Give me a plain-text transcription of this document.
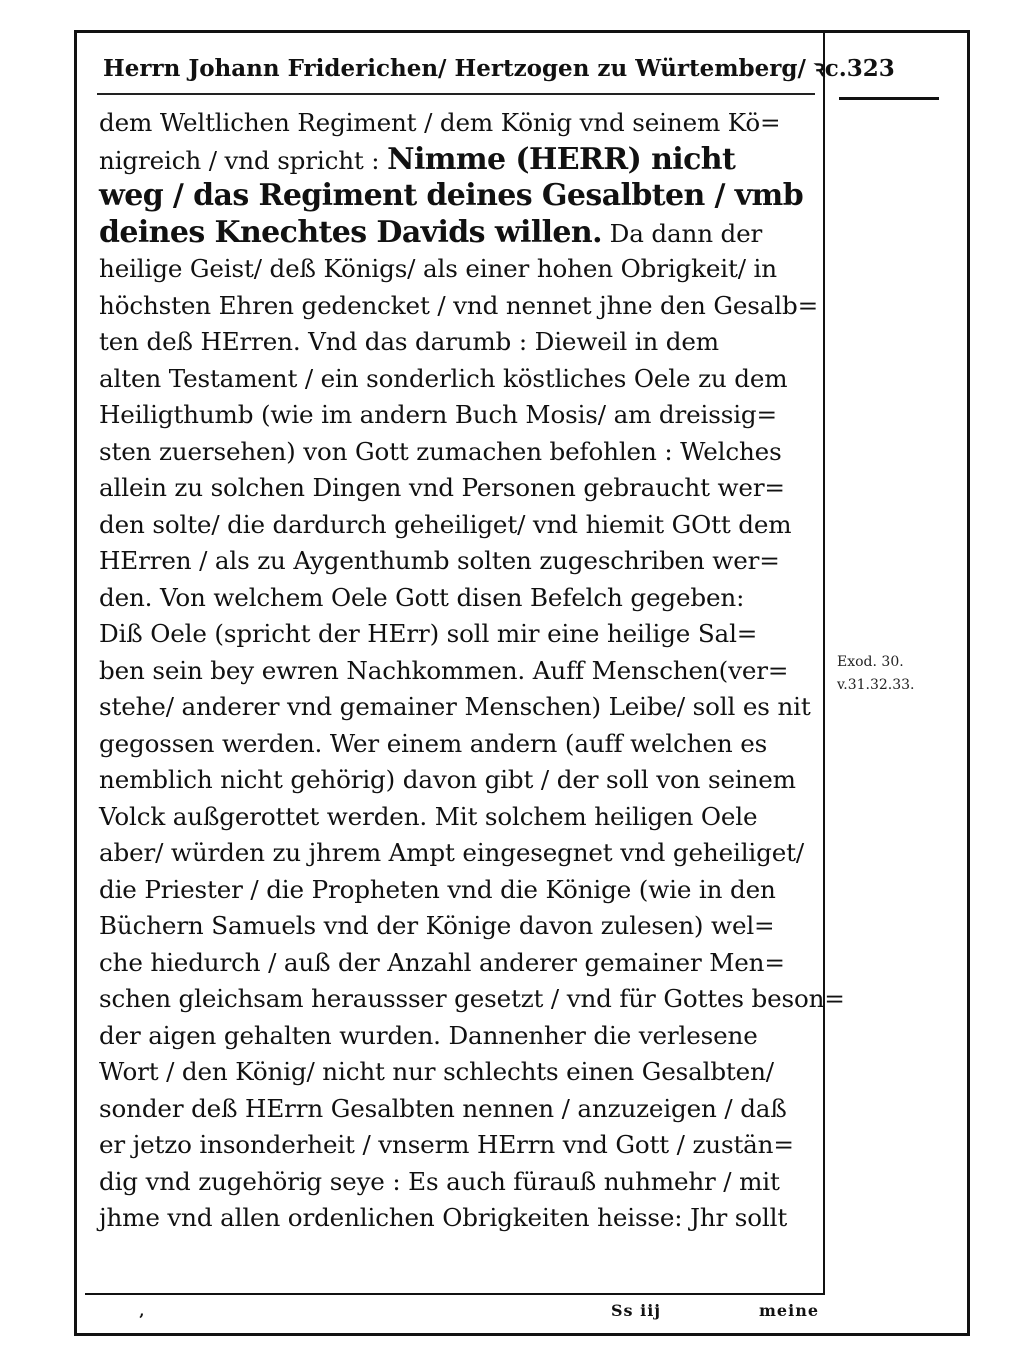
Herrn Johann Friderichen/ Hertzogen zu Würtemberg/ ꝛc. 323
dem Weltlichen Regiment / dem König vnd seinem Kö=
nigreich / vnd spricht : Nimme (HERR) nicht
weg / das Regiment deines Gesalbten / vmb
deines Knechtes Davids willen. Da dann der
heilige Geist/ deß Königs/ als einer hohen Obrigkeit/ in
höchsten Ehren gedencket / vnd nennet jhne den Gesalb=
ten deß HErren. Vnd das darumb : Dieweil in dem
alten Testament / ein sonderlich köstliches Oele zu dem
Heiligthumb (wie im andern Buch Mosis/ am dreissig=
sten zuersehen) von Gott zumachen befohlen : Welches
allein zu solchen Dingen vnd Personen gebraucht wer=
den solte/ die dardurch geheiliget/ vnd hiemit GOtt dem
HErren / als zu Aygenthumb solten zugeschriben wer=
den. Von welchem Oele Gott disen Befelch gegeben:
Diß Oele (spricht der HErr) soll mir eine heilige Sal=
ben sein bey ewren Nachkommen. Auff Menschen(ver=
stehe/ anderer vnd gemainer Menschen) Leibe/ soll es nit
gegossen werden. Wer einem andern (auff welchen es
nemblich nicht gehörig) davon gibt / der soll von seinem
Volck außgerottet werden. Mit solchem heiligen Oele
aber/ würden zu jhrem Ampt eingesegnet vnd geheiliget/
die Priester / die Propheten vnd die Könige (wie in den
Büchern Samuels vnd der Könige davon zulesen) wel=
che hiedurch / auß der Anzahl anderer gemainer Men=
schen gleichsam heraussser gesetzt / vnd für Gottes beson=
der aigen gehalten wurden. Dannenher die verlesene
Wort / den König/ nicht nur schlechts einen Gesalbten/
sonder deß HErrn Gesalbten nennen / anzuzeigen / daß
er jetzo insonderheit / vnserm HErrn vnd Gott / zustän=
dig vnd zugehörig seye : Es auch fürauß nuhmehr / mit
jhme vnd allen ordenlichen Obrigkeiten heisse: Jhr sollt
Exod. 30.
v.31.32.33.
‚	Ss iij	meine
